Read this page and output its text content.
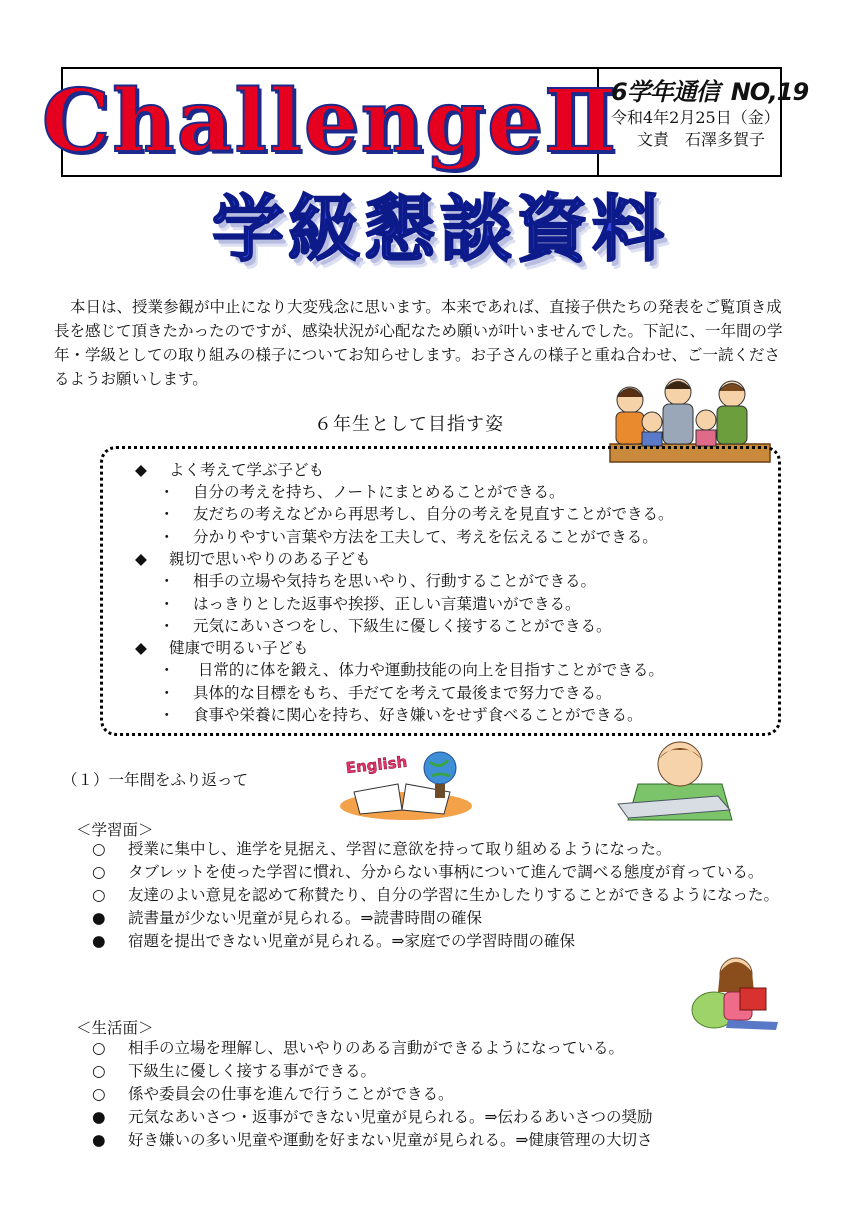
ChallengeⅡ
6学年通信 NO,19
令和4年2月25日（金）
文責　石澤多賀子
学級懇談資料

本日は、授業参観が中止になり大変残念に思います。本来であれば、直接子供たちの発表をご覧頂き成長を感じて頂きたかったのですが、感染状況が心配なため願いが叶いませんでした。下記に、一年間の学年・学級としての取り組みの様子についてお知らせします。お子さんの様子と重ね合わせ、ご一読くださるようお願いします。

６年生として目指す姿
◆ よく考えて学ぶ子ども
・ 自分の考えを持ち、ノートにまとめることができる。
・ 友だちの考えなどから再思考し、自分の考えを見直すことができる。
・ 分かりやすい言葉や方法を工夫して、考えを伝えることができる。
◆ 親切で思いやりのある子ども
・ 相手の立場や気持ちを思いやり、行動することができる。
・ はっきりとした返事や挨拶、正しい言葉遣いができる。
・ 元気にあいさつをし、下級生に優しく接することができる。
◆ 健康で明るい子ども
・ 日常的に体を鍛え、体力や運動技能の向上を目指すことができる。
・ 具体的な目標をもち、手だてを考えて最後まで努力できる。
・ 食事や栄養に関心を持ち、好き嫌いをせず食べることができる。
（１）一年間をふり返って
English
＜学習面＞
○	授業に集中し、進学を見据え、学習に意欲を持って取り組めるようになった。
○	タブレットを使った学習に慣れ、分からない事柄について進んで調べる態度が育っている。
○	友達のよい意見を認めて称賛たり、自分の学習に生かしたりすることができるようになった。
●	読書量が少ない児童が見られる。⇒読書時間の確保
●	宿題を提出できない児童が見られる。⇒家庭での学習時間の確保
＜生活面＞
○	相手の立場を理解し、思いやりのある言動ができるようになっている。
○	下級生に優しく接する事ができる。
○	係や委員会の仕事を進んで行うことができる。
●	元気なあいさつ・返事ができない児童が見られる。⇒伝わるあいさつの奨励
●	好き嫌いの多い児童や運動を好まない児童が見られる。⇒健康管理の大切さ
